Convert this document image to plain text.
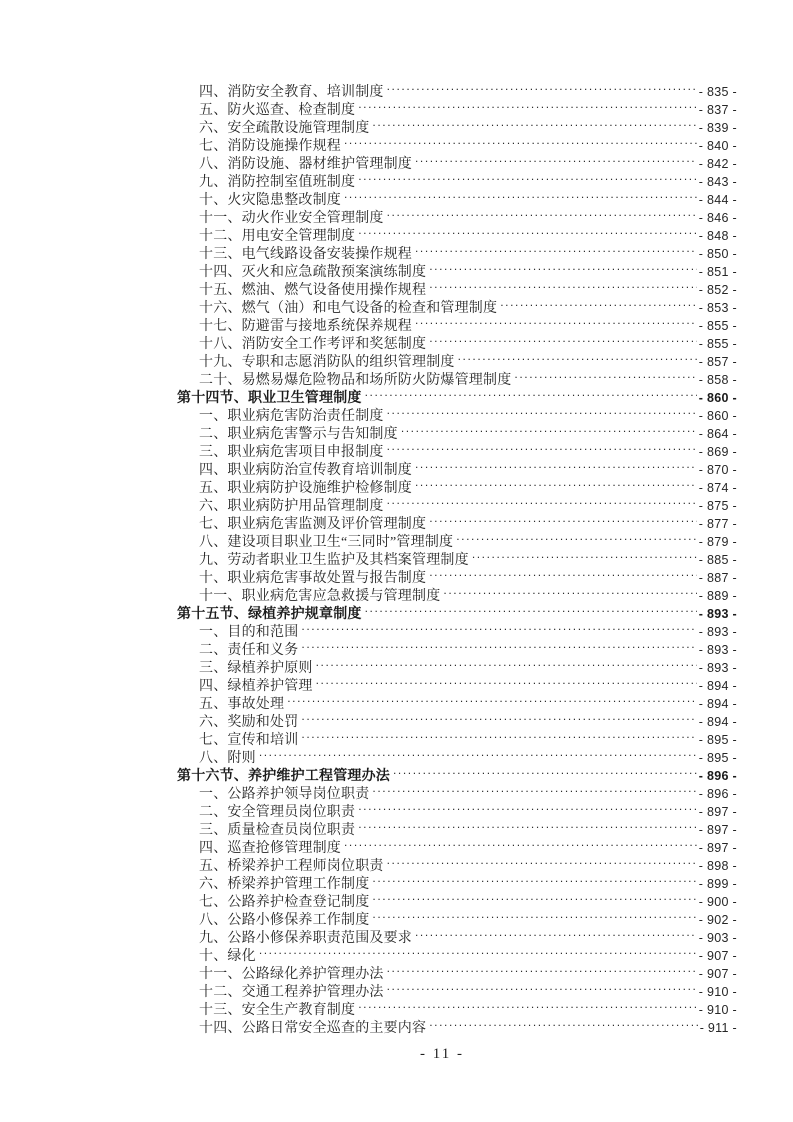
四、消防安全教育、培训制度 .....	- 835 -
五、防火巡查、检查制度 .....	- 837 -
六、安全疏散设施管理制度 .....	- 839 -
七、消防设施操作规程 .....	- 840 -
八、消防设施、器材维护管理制度 .....	- 842 -
九、消防控制室值班制度 .....	- 843 -
十、火灾隐患整改制度 .....	- 844 -
十一、动火作业安全管理制度 .....	- 846 -
十二、用电安全管理制度 .....	- 848 -
十三、电气线路设备安装操作规程 .....	- 850 -
十四、灭火和应急疏散预案演练制度 .....	- 851 -
十五、燃油、燃气设备使用操作规程 .....	- 852 -
十六、燃气（油）和电气设备的检查和管理制度 .....	- 853 -
十七、防避雷与接地系统保养规程 .....	- 855 -
十八、消防安全工作考评和奖惩制度 .....	- 855 -
十九、专职和志愿消防队的组织管理制度 .....	- 857 -
二十、易燃易爆危险物品和场所防火防爆管理制度 .....	- 858 -
第十四节、职业卫生管理制度 .....	- 860 -
一、职业病危害防治责任制度 .....	- 860 -
二、职业病危害警示与告知制度 .....	- 864 -
三、职业病危害项目申报制度 .....	- 869 -
四、职业病防治宣传教育培训制度 .....	- 870 -
五、职业病防护设施维护检修制度 .....	- 874 -
六、职业病防护用品管理制度 .....	- 875 -
七、职业病危害监测及评价管理制度 .....	- 877 -
八、建设项目职业卫生“三同时”管理制度 .....	- 879 -
九、劳动者职业卫生监护及其档案管理制度 .....	- 885 -
十、职业病危害事故处置与报告制度 .....	- 887 -
十一、职业病危害应急救援与管理制度 .....	- 889 -
第十五节、绿植养护规章制度 .....	- 893 -
一、目的和范围 .....	- 893 -
二、责任和义务 .....	- 893 -
三、绿植养护原则 .....	- 893 -
四、绿植养护管理 .....	- 894 -
五、事故处理 .....	- 894 -
六、奖励和处罚 .....	- 894 -
七、宣传和培训 .....	- 895 -
八、附则 .....	- 895 -
第十六节、养护维护工程管理办法 .....	- 896 -
一、公路养护领导岗位职责 .....	- 896 -
二、安全管理员岗位职责 .....	- 897 -
三、质量检查员岗位职责 .....	- 897 -
四、巡查抢修管理制度 .....	- 897 -
五、桥梁养护工程师岗位职责 .....	- 898 -
六、桥梁养护管理工作制度 .....	- 899 -
七、公路养护检查登记制度 .....	- 900 -
八、公路小修保养工作制度 .....	- 902 -
九、公路小修保养职责范围及要求 .....	- 903 -
十、绿化 .....	- 907 -
十一、公路绿化养护管理办法 .....	- 907 -
十二、交通工程养护管理办法 .....	- 910 -
十三、安全生产教育制度 .....	- 910 -
十四、公路日常安全巡查的主要内容 .....	- 911 -
- 11 -
